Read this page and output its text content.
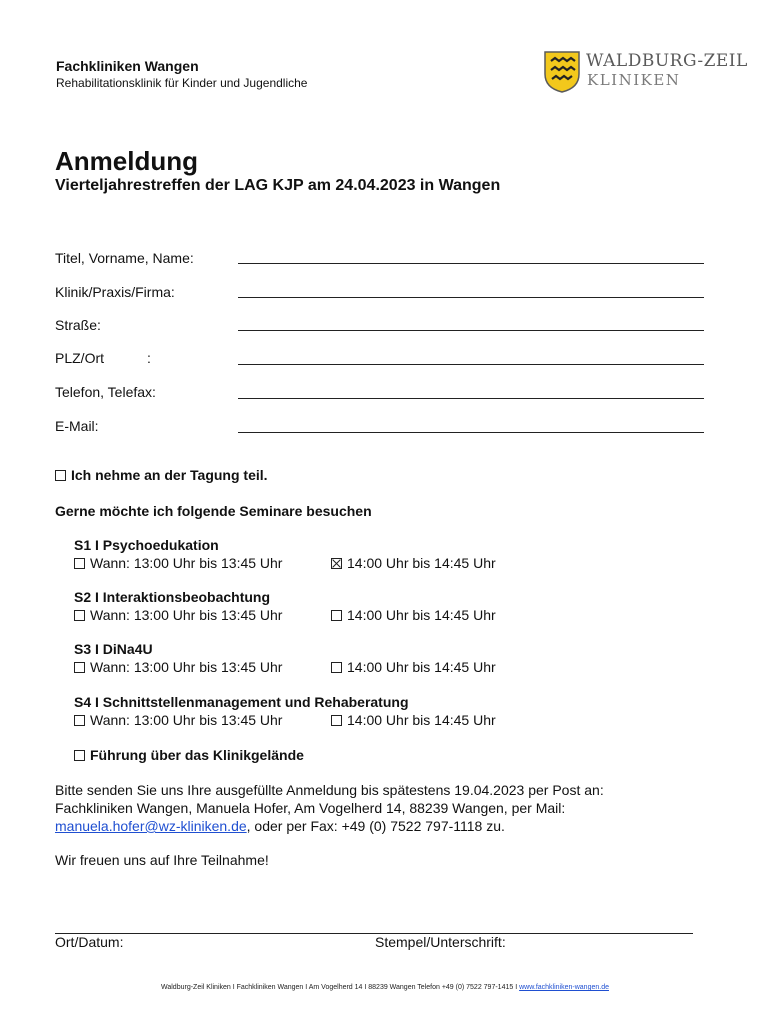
Fachkliniken Wangen
Rehabilitationsklinik für Kinder und Jugendliche
WALDBURG-ZEIL
KLINIKEN
Anmeldung
Vierteljahrestreffen der LAG KJP am 24.04.2023 in Wangen
Titel, Vorname, Name:
Klinik/Praxis/Firma:
Straße:
PLZ/Ort	:
Telefon, Telefax:
E-Mail:
Ich nehme an der Tagung teil.
Gerne möchte ich folgende Seminare besuchen
S1 I Psychoedukation
Wann: 13:00 Uhr bis 13:45 Uhr	14:00 Uhr bis 14:45 Uhr
S2 I Interaktionsbeobachtung
Wann: 13:00 Uhr bis 13:45 Uhr	14:00 Uhr bis 14:45 Uhr
S3 I DiNa4U
Wann: 13:00 Uhr bis 13:45 Uhr	14:00 Uhr bis 14:45 Uhr
S4 I Schnittstellenmanagement und Rehaberatung
Wann: 13:00 Uhr bis 13:45 Uhr	14:00 Uhr bis 14:45 Uhr
Führung über das Klinikgelände
Bitte senden Sie uns Ihre ausgefüllte Anmeldung bis spätestens 19.04.2023 per Post an:
Fachkliniken Wangen, Manuela Hofer, Am Vogelherd 14, 88239 Wangen, per Mail:
manuela.hofer@wz-kliniken.de, oder per Fax: +49 (0) 7522 797-1118 zu.
Wir freuen uns auf Ihre Teilnahme!
Ort/Datum:	Stempel/Unterschrift:
Waldburg-Zeil Kliniken I Fachkliniken Wangen I Am Vogelherd 14 I 88239 Wangen Telefon +49 (0) 7522 797-1415 I www.fachkliniken-wangen.de
